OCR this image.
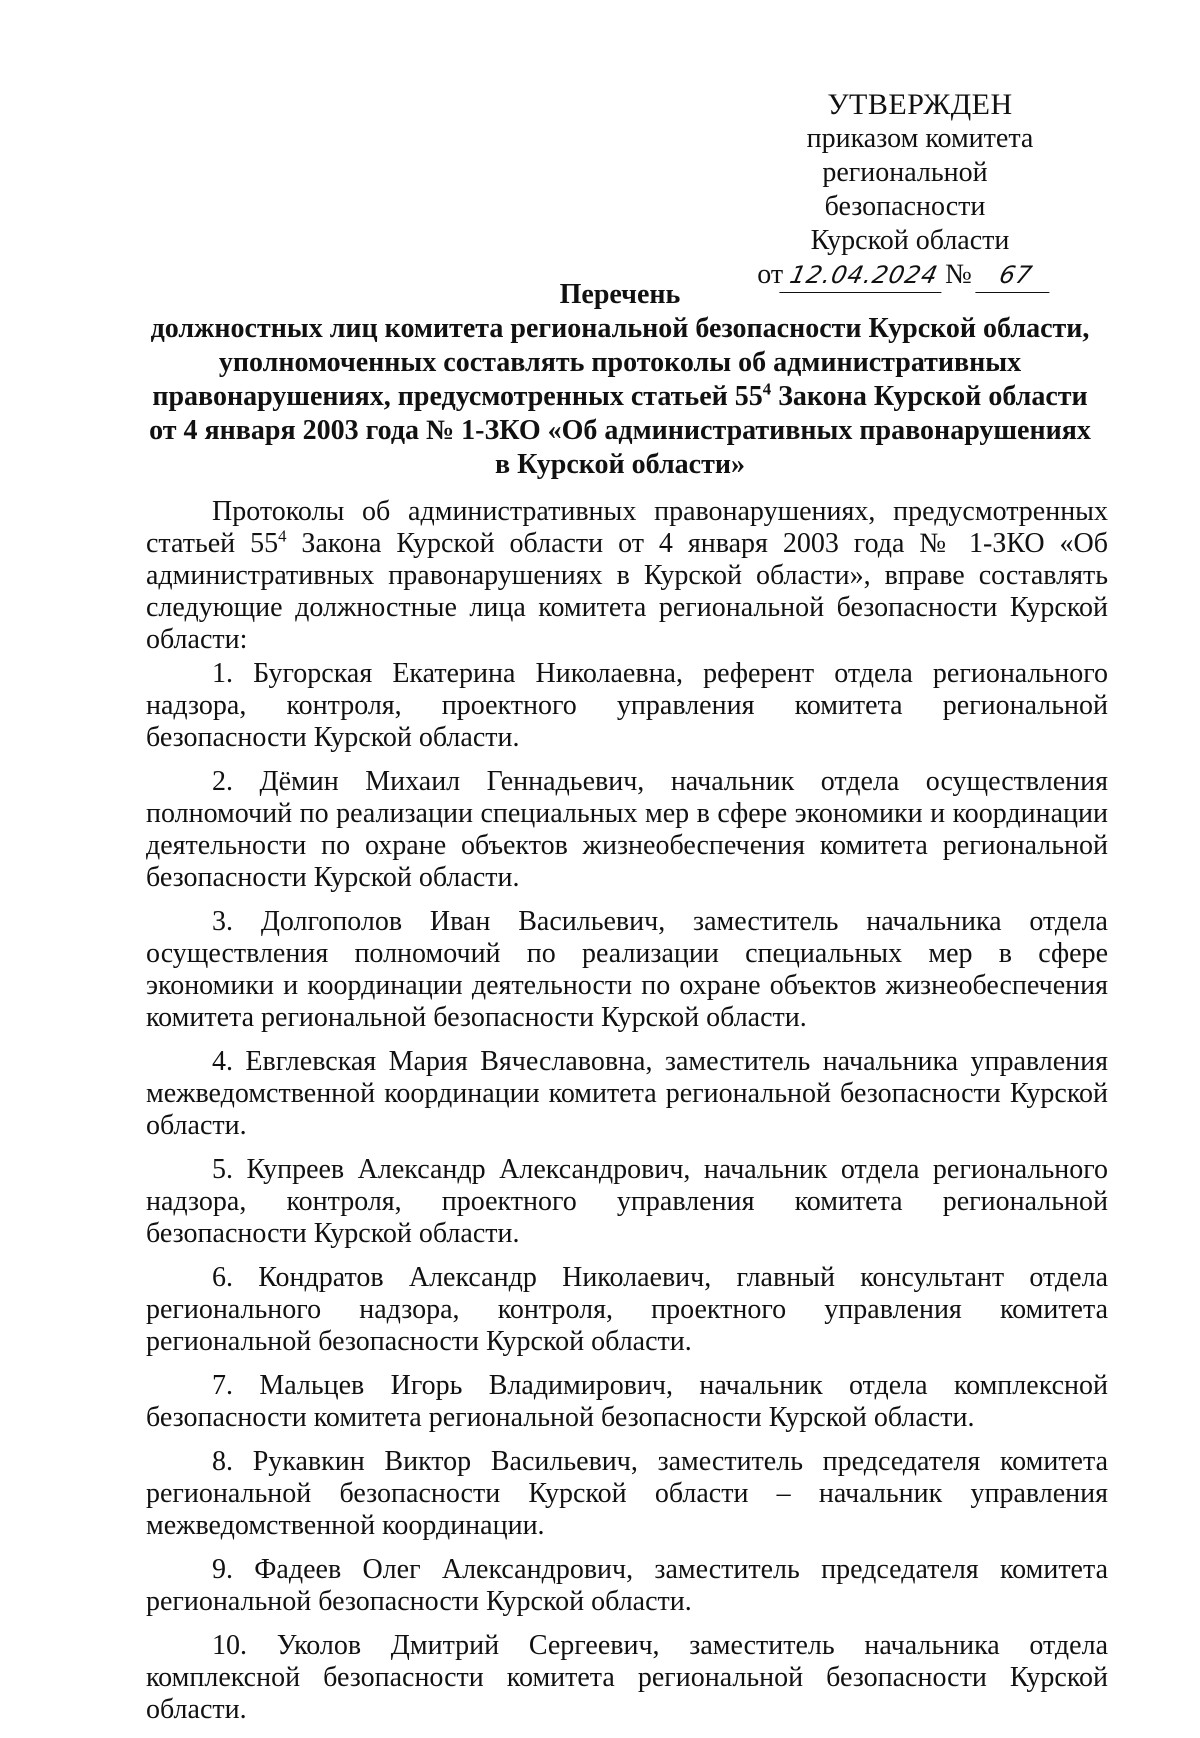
УТВЕРЖДЕН
приказом комитета
региональной безопасности
Курской области
от 12.04.2024 № 67

Перечень

должностных лиц комитета региональной безопасности Курской области,

уполномоченных составлять протоколы об административных

правонарушениях, предусмотренных статьей $55^4$ Закона Курской области

от 4 января 2003 года № 1-ЗКО «Об административных правонарушениях

в Курской области»

Протоколы об административных правонарушениях, предусмотренных статьей $55^4$ Закона Курской области от 4 января 2003 года № 1-ЗКО «Об административных правонарушениях в Курской области», вправе составлять следующие должностные лица комитета региональной безопасности Курской области:

1. Бугорская Екатерина Николаевна, референт отдела регионального надзора, контроля, проектного управления комитета региональной безопасности Курской области.

2. Дёмин Михаил Геннадьевич, начальник отдела осуществления полномочий по реализации специальных мер в сфере экономики и координации деятельности по охране объектов жизнеобеспечения комитета региональной безопасности Курской области.

3. Долгополов Иван Васильевич, заместитель начальника отдела осуществления полномочий по реализации специальных мер в сфере экономики и координации деятельности по охране объектов жизнеобеспечения комитета региональной безопасности Курской области.

4. Евглевская Мария Вячеславовна, заместитель начальника управления межведомственной координации комитета региональной безопасности Курской области.

5. Купреев Александр Александрович, начальник отдела регионального надзора, контроля, проектного управления комитета региональной безопасности Курской области.

6. Кондратов Александр Николаевич, главный консультант отдела регионального надзора, контроля, проектного управления комитета региональной безопасности Курской области.

7. Мальцев Игорь Владимирович, начальник отдела комплексной безопасности комитета региональной безопасности Курской области.

8. Рукавкин Виктор Васильевич, заместитель председателя комитета региональной безопасности Курской области – начальник управления межведомственной координации.

9. Фадеев Олег Александрович, заместитель председателя комитета региональной безопасности Курской области.

10. Уколов Дмитрий Сергеевич, заместитель начальника отдела комплексной безопасности комитета региональной безопасности Курской области.
